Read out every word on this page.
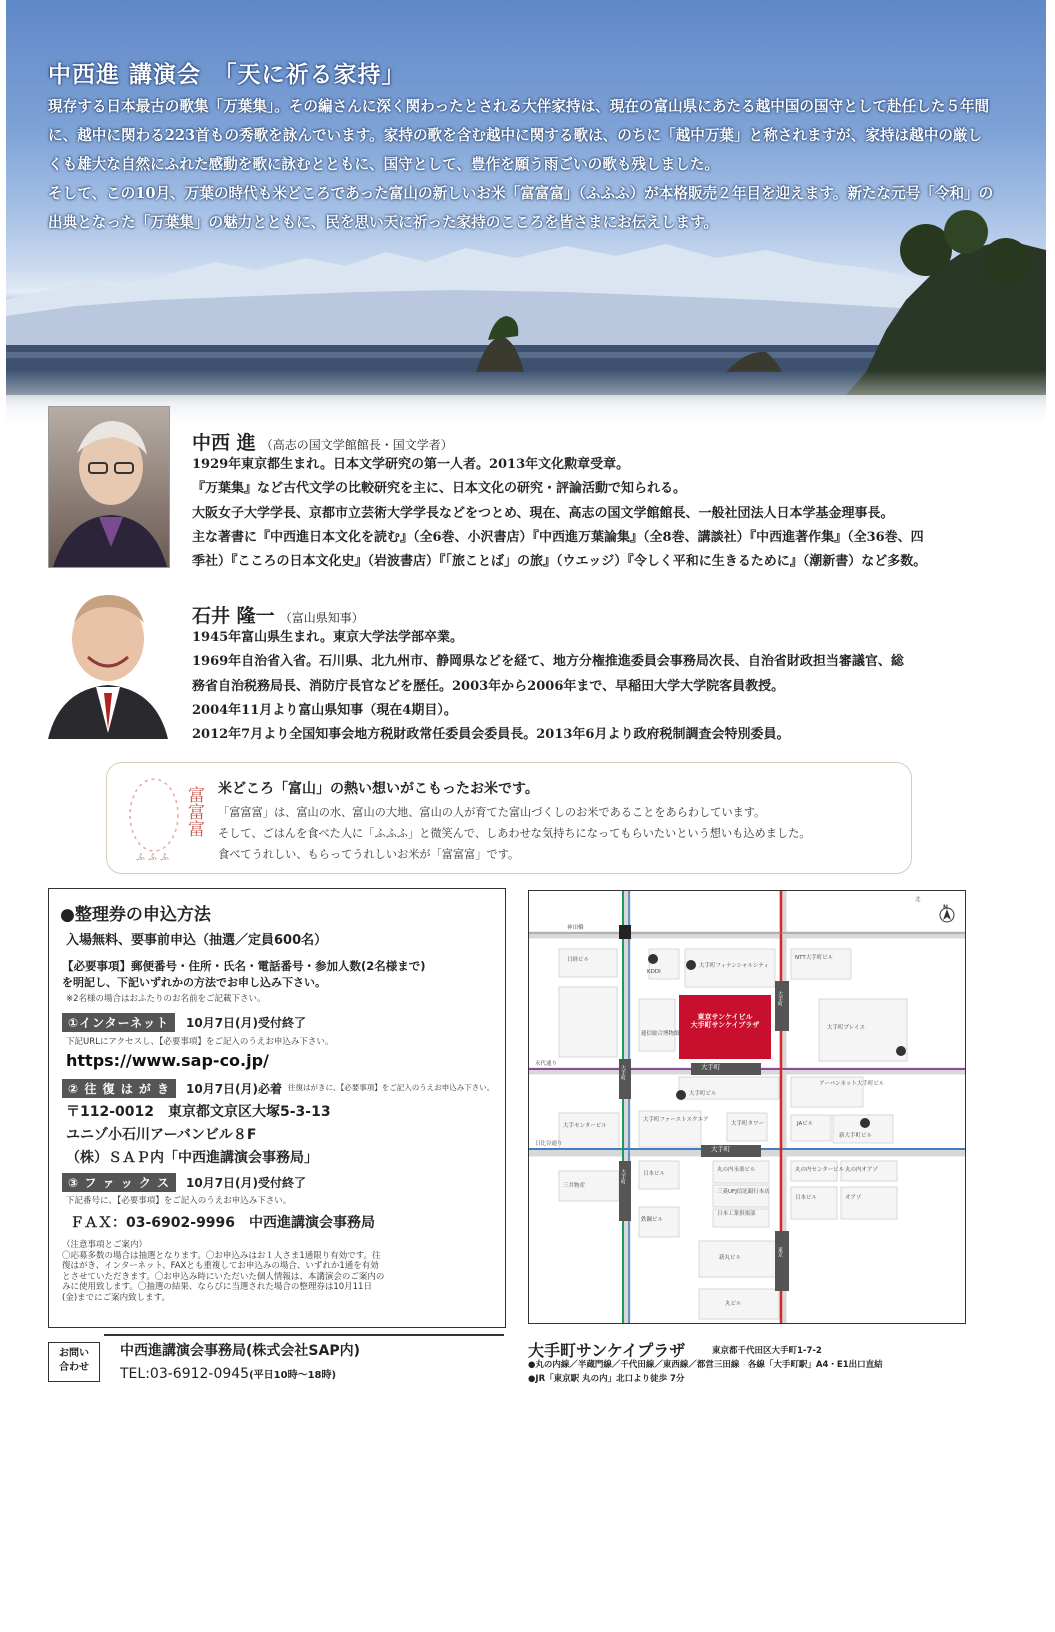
中西進 講演会　「天に祈る家持」

現存する日本最古の歌集「万葉集」。その編さんに深く関わったとされる大伴家持は、現在の富山県にあたる越中国の国守として赴任した５年間に、越中に関わる223首もの秀歌を詠んでいます。家持の歌を含む越中に関する歌は、のちに「越中万葉」と称されますが、家持は越中の厳しくも雄大な自然にふれた感動を歌に詠むとともに、国守として、豊作を願う雨ごいの歌も残しました。

そして、この10月、万葉の時代も米どころであった富山の新しいお米「富富富」（ふふふ）が本格販売２年目を迎えます。新たな元号「令和」の出典となった「万葉集」の魅力とともに、民を思い天に祈った家持のこころを皆さまにお伝えします。

中西 進 （高志の国文学館館長・国文学者）
1929年東京都生まれ。日本文学研究の第一人者。2013年文化勲章受章。
『万葉集』など古代文学の比較研究を主に、日本文化の研究・評論活動で知られる。
大阪女子大学学長、京都市立芸術大学学長などをつとめ、現在、高志の国文学館館長、一般社団法人日本学基金理事長。
主な著書に『中西進日本文化を読む』（全6巻、小沢書店）『中西進万葉論集』（全8巻、講談社）『中西進著作集』（全36巻、四
季社）『こころの日本文化史』（岩波書店）『「旅ことば」の旅』（ウエッジ）『令しく平和に生きるために』（潮新書）など多数。
石井 隆一 （富山県知事）
1945年富山県生まれ。東京大学法学部卒業。
1969年自治省入省。石川県、北九州市、静岡県などを経て、地方分権推進委員会事務局次長、自治省財政担当審議官、総
務省自治税務局長、消防庁長官などを歴任。2003年から2006年まで、早稲田大学大学院客員教授。
2004年11月より富山県知事（現在4期目）。
2012年7月より全国知事会地方税財政常任委員会委員長。2013年6月より政府税制調査会特別委員。
富富富
ふふふ
米どころ「富山」の熱い想いがこもったお米です。
「富富富」は、富山の水、富山の大地、富山の人が育てた富山づくしのお米であることをあらわしています。
そして、ごはんを食べた人に「ふふふ」と微笑んで、しあわせな気持ちになってもらいたいという想いも込めました。
食べてうれしい、もらってうれしいお米が「富富富」です。
●整理券の申込方法
入場無料、要事前申込（抽選／定員600名）
【必要事項】郵便番号・住所・氏名・電話番号・参加人数(2名様まで)
を明記し、下記いずれかの方法でお申し込み下さい。
※2名様の場合はおふたりのお名前をご記載下さい。
①インターネット	10月7日(月)受付終了
下記URLにアクセスし、【必要事項】をご記入のうえお申込み下さい。
https://www.sap-co.jp/
② 往 復 は が き	10月7日(月)必着 往復はがきに、【必要事項】をご記入のうえお申込み下さい。
〒112-0012　東京都文京区大塚5-3-13
ユニゾ小石川アーバンビル８F
（株）ＳＡＰ内「中西進講演会事務局」
③ フ ァ ッ ク ス	10月7日(月)受付終了
下記番号に、【必要事項】をご記入のうえお申込み下さい。
ＦＡＸ：03-6902-9996　中西進講演会事務局
（注意事項とご案内）
〇応募多数の場合は抽選となります。〇お申込みはお１人さま1通限り有効です。往
復はがき、インターネット、FAXとも重複してお申込みの場合、いずれか1通を有効
とさせていただきます。〇お申込み時にいただいた個人情報は、本講演会のご案内の
みに使用致します。〇抽選の結果、ならびに当選された場合の整理券は10月11日
(金)までにご案内致します。
お問い
合わせ
中西進講演会事務局(株式会社SAP内)
TEL:03-6912-0945(平日10時〜18時)
東京サンケイビル
大手町サンケイプラザ
北
N
大手町
大手町
大手町
大手町
大手町
東京
神田橋
日経ビル
KDDI
大手町フィナンシャルシティ
NTT大手町ビル
大手町プレイス
逓信総合博物館
大手町ビル
アーバンネット大手町ビル
JAビル
大手町ファーストスクエア
大手センタービル	大手町タワー
新大手町ビル
日本ビル
丸の内永楽ビル
三菱UFJ信託銀行本店
日本工業倶楽部
丸の内センタービル 丸の内オアゾ
日本ビル	オアゾ
三井物産
鉄鋼ビル
新丸ビル
丸ビル
永代通り
日比谷通り
大手町サンケイプラザ	東京都千代田区大手町1-7-2
●丸の内線／半蔵門線／千代田線／東西線／都営三田線　各線「大手町駅」A4・E1出口直結
●JR「東京駅 丸の内」北口より徒歩 7分
